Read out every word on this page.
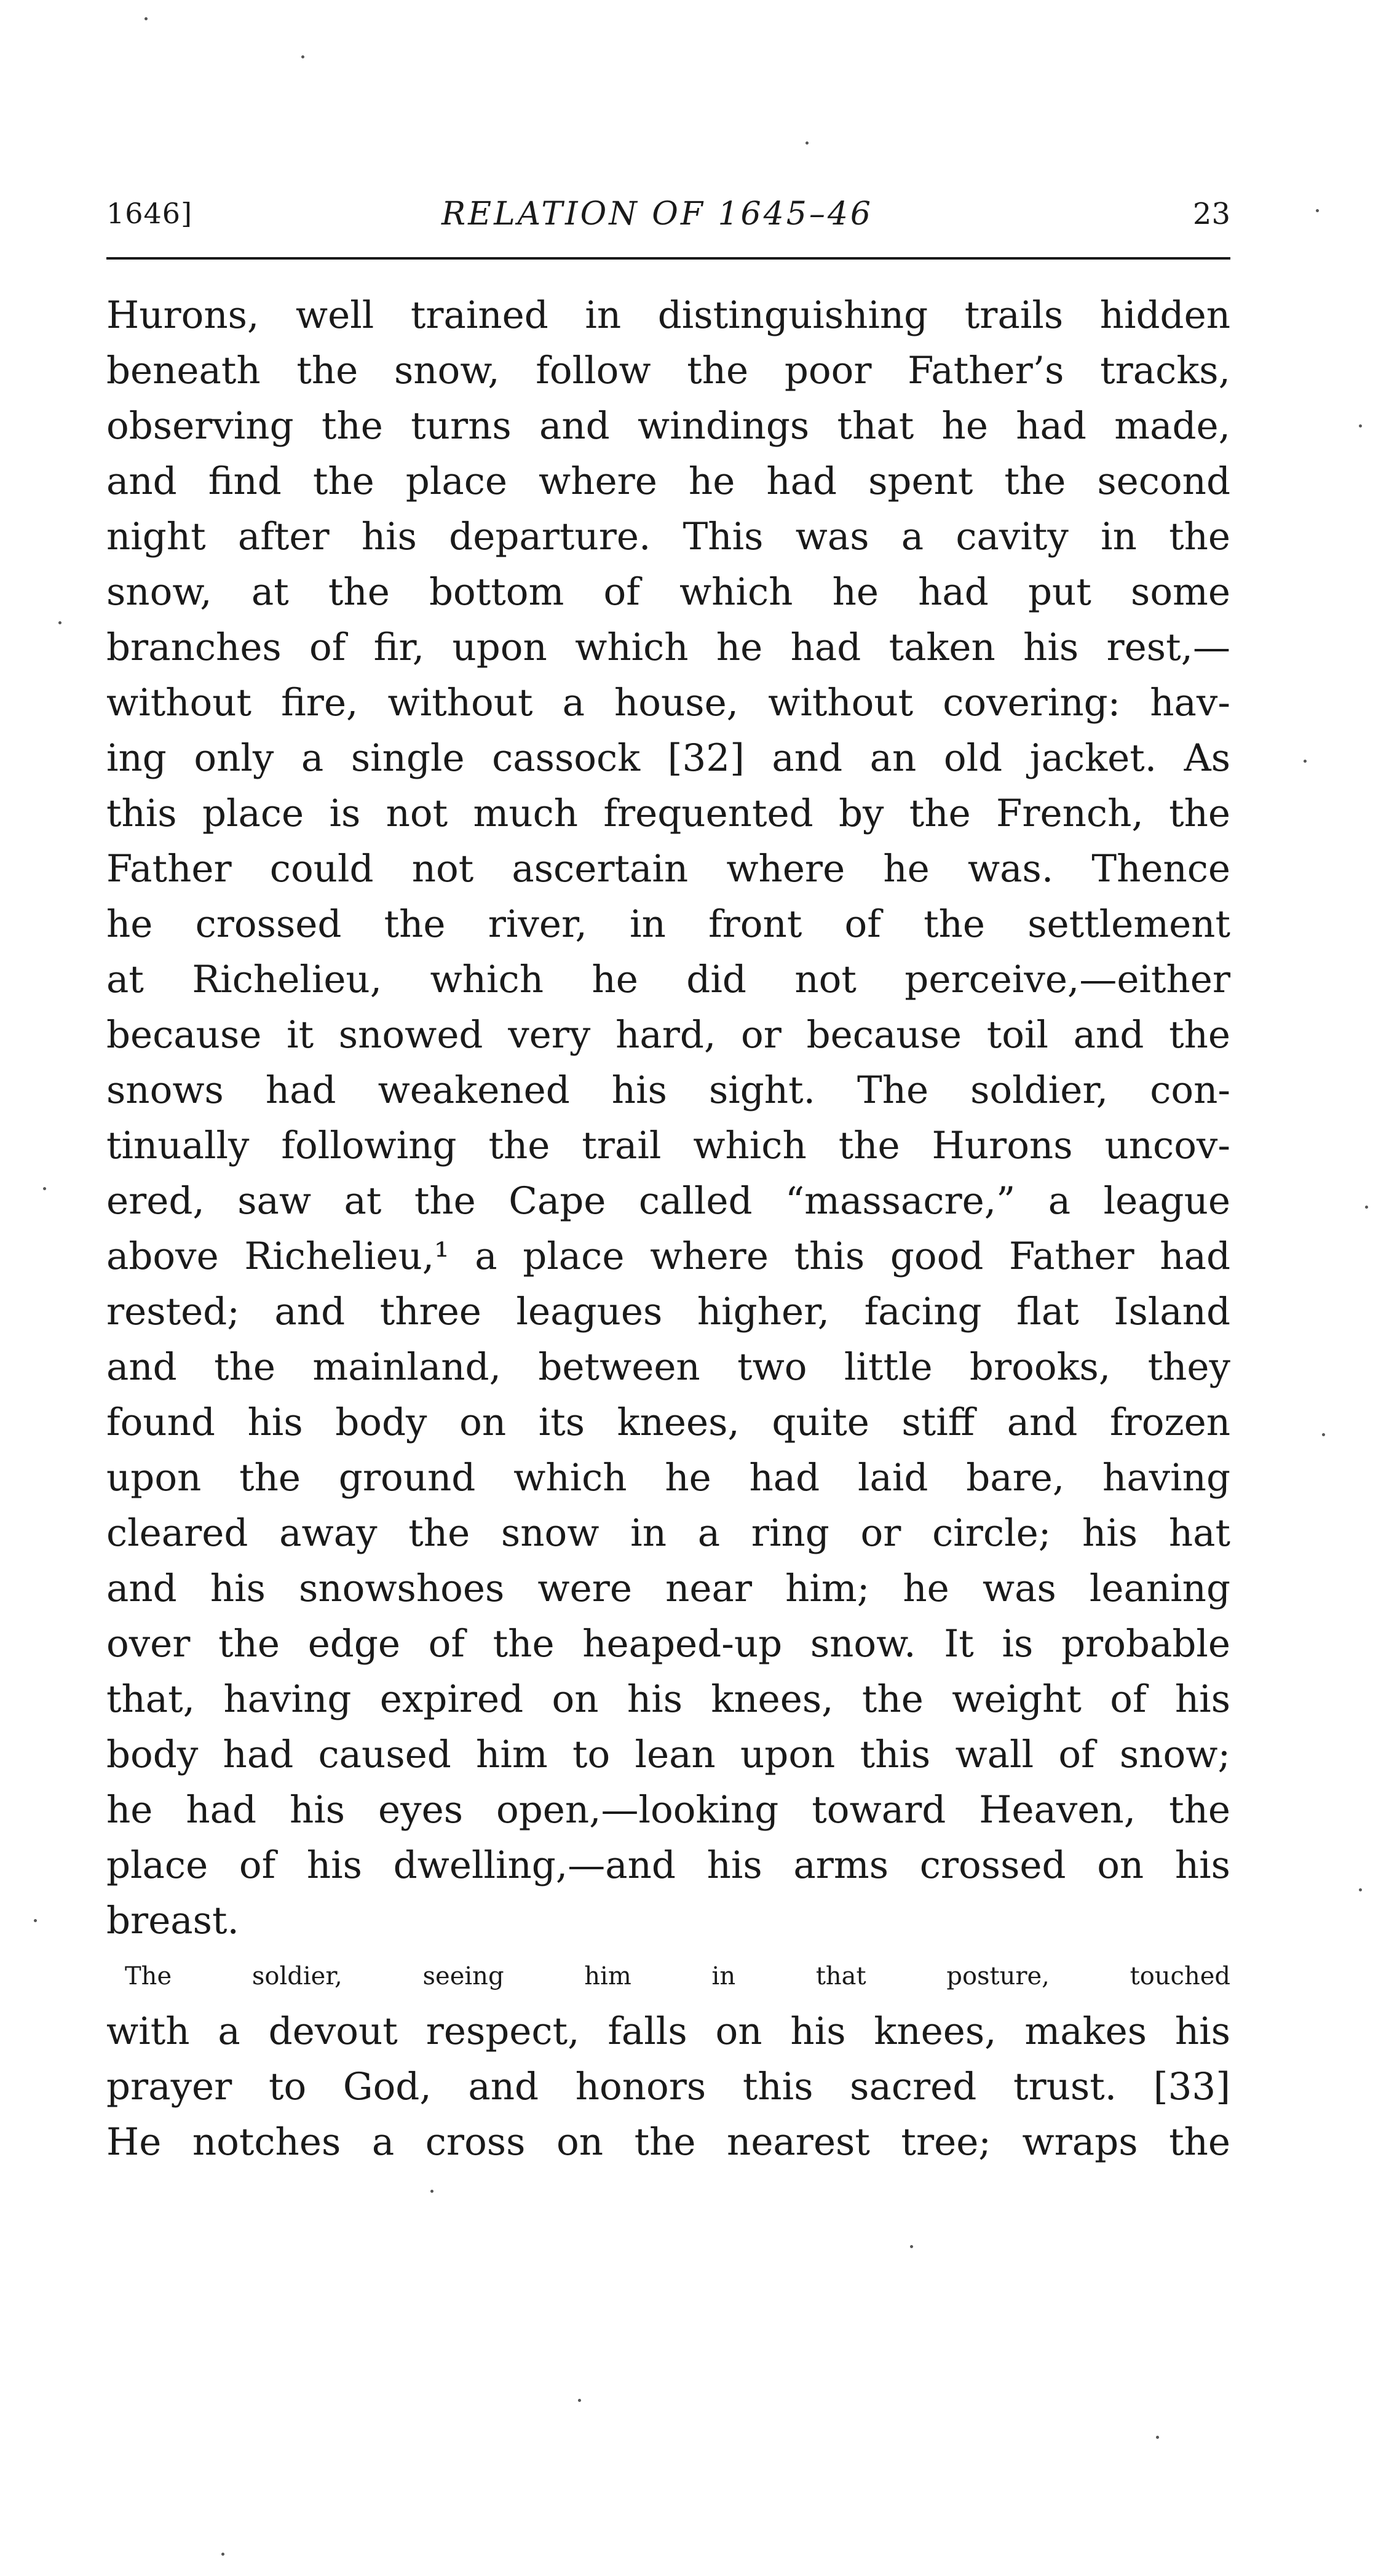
1646]	RELATION OF 1645–46	23
Hurons, well trained in distinguishing trails hidden
beneath the snow, follow the poor Father’s tracks,
observing the turns and windings that he had made,
and find the place where he had spent the second
night after his departure. This was a cavity in the
snow, at the bottom of which he had put some
branches of fir, upon which he had taken his rest,—
without fire, without a house, without covering: hav-
ing only a single cassock [32] and an old jacket. As
this place is not much frequented by the French, the
Father could not ascertain where he was. Thence
he crossed the river, in front of the settlement
at Richelieu, which he did not perceive,—either
because it snowed very hard, or because toil and the
snows had weakened his sight. The soldier, con-
tinually following the trail which the Hurons uncov-
ered, saw at the Cape called “massacre,” a league
above Richelieu,¹ a place where this good Father had
rested; and three leagues higher, facing flat Island
and the mainland, between two little brooks, they
found his body on its knees, quite stiff and frozen
upon the ground which he had laid bare, having
cleared away the snow in a ring or circle; his hat
and his snowshoes were near him; he was leaning
over the edge of the heaped-up snow. It is probable
that, having expired on his knees, the weight of his
body had caused him to lean upon this wall of snow;
he had his eyes open,—looking toward Heaven, the
place of his dwelling,—and his arms crossed on his
breast.
The soldier, seeing him in that posture, touched
with a devout respect, falls on his knees, makes his
prayer to God, and honors this sacred trust. [33]
He notches a cross on the nearest tree; wraps the
